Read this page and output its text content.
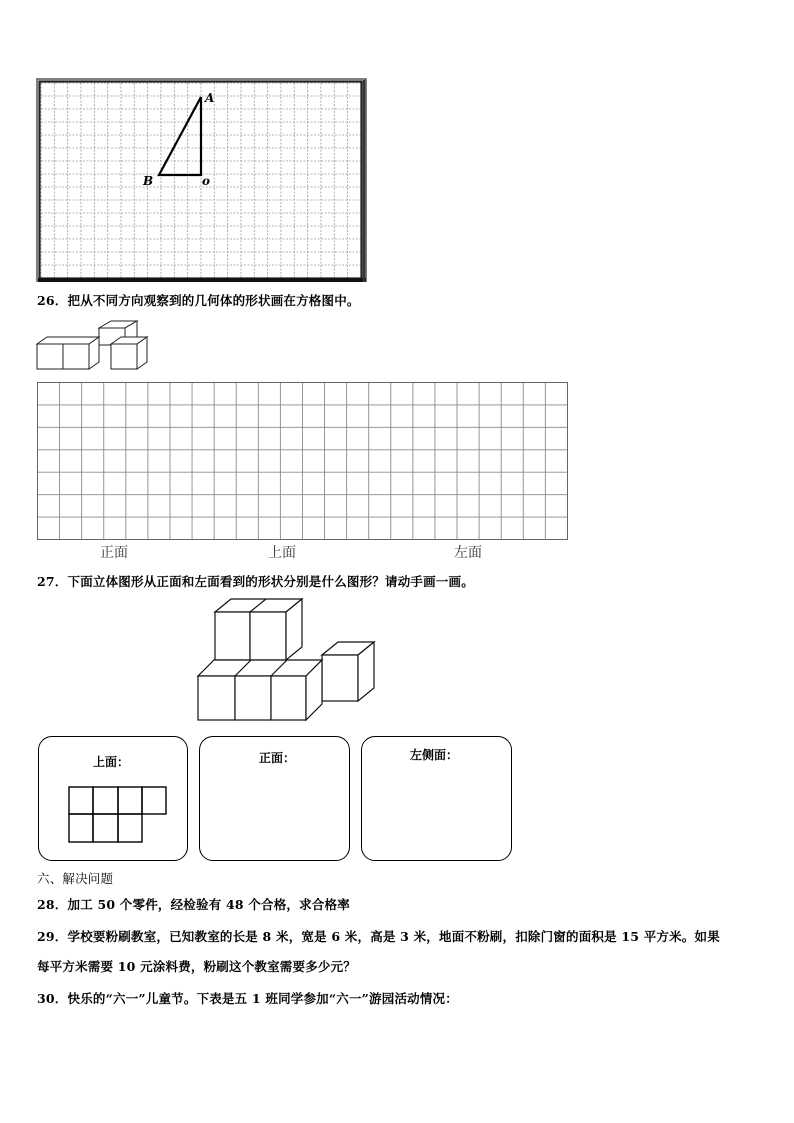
A
B	o
26．把从不同方向观察到的几何体的形状画在方格图中。
正面	上面	左面
27．下面立体图形从正面和左面看到的形状分别是什么图形？请动手画一画。
上面：	正面：	左侧面：
六、解决问题
28．加工 50 个零件，经检验有 48 个合格，求合格率
29．学校要粉刷教室，已知教室的长是 8 米，宽是 6 米，高是 3 米，地面不粉刷，扣除门窗的面积是 15 平方米。如果
每平方米需要 10 元涂料费，粉刷这个教室需要多少元？
30．快乐的“六一”儿童节。下表是五 1 班同学参加“六一”游园活动情况：
